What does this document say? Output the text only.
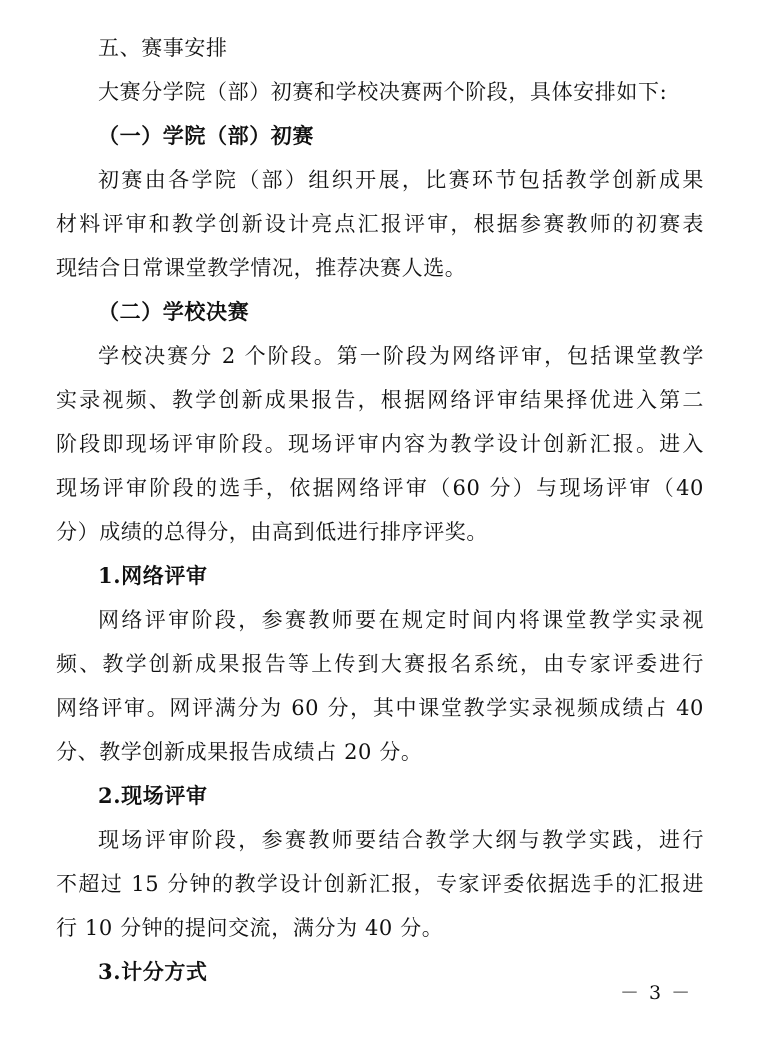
五、赛事安排
大赛分学院（部）初赛和学校决赛两个阶段，具体安排如下:
（一）学院（部）初赛
初赛由各学院（部）组织开展，比赛环节包括教学创新成果
材料评审和教学创新设计亮点汇报评审，根据参赛教师的初赛表
现结合日常课堂教学情况，推荐决赛人选。
（二）学校决赛
学校决赛分 2 个阶段。第一阶段为网络评审，包括课堂教学
实录视频、教学创新成果报告，根据网络评审结果择优进入第二
阶段即现场评审阶段。现场评审内容为教学设计创新汇报。进入
现场评审阶段的选手，依据网络评审（60 分）与现场评审（40
分）成绩的总得分，由高到低进行排序评奖。
1.网络评审
网络评审阶段，参赛教师要在规定时间内将课堂教学实录视
频、教学创新成果报告等上传到大赛报名系统，由专家评委进行
网络评审。网评满分为 60 分，其中课堂教学实录视频成绩占 40
分、教学创新成果报告成绩占 20 分。
2.现场评审
现场评审阶段，参赛教师要结合教学大纲与教学实践，进行
不超过 15 分钟的教学设计创新汇报，专家评委依据选手的汇报进
行 10 分钟的提问交流，满分为 40 分。
3.计分方式
－ 3 －
